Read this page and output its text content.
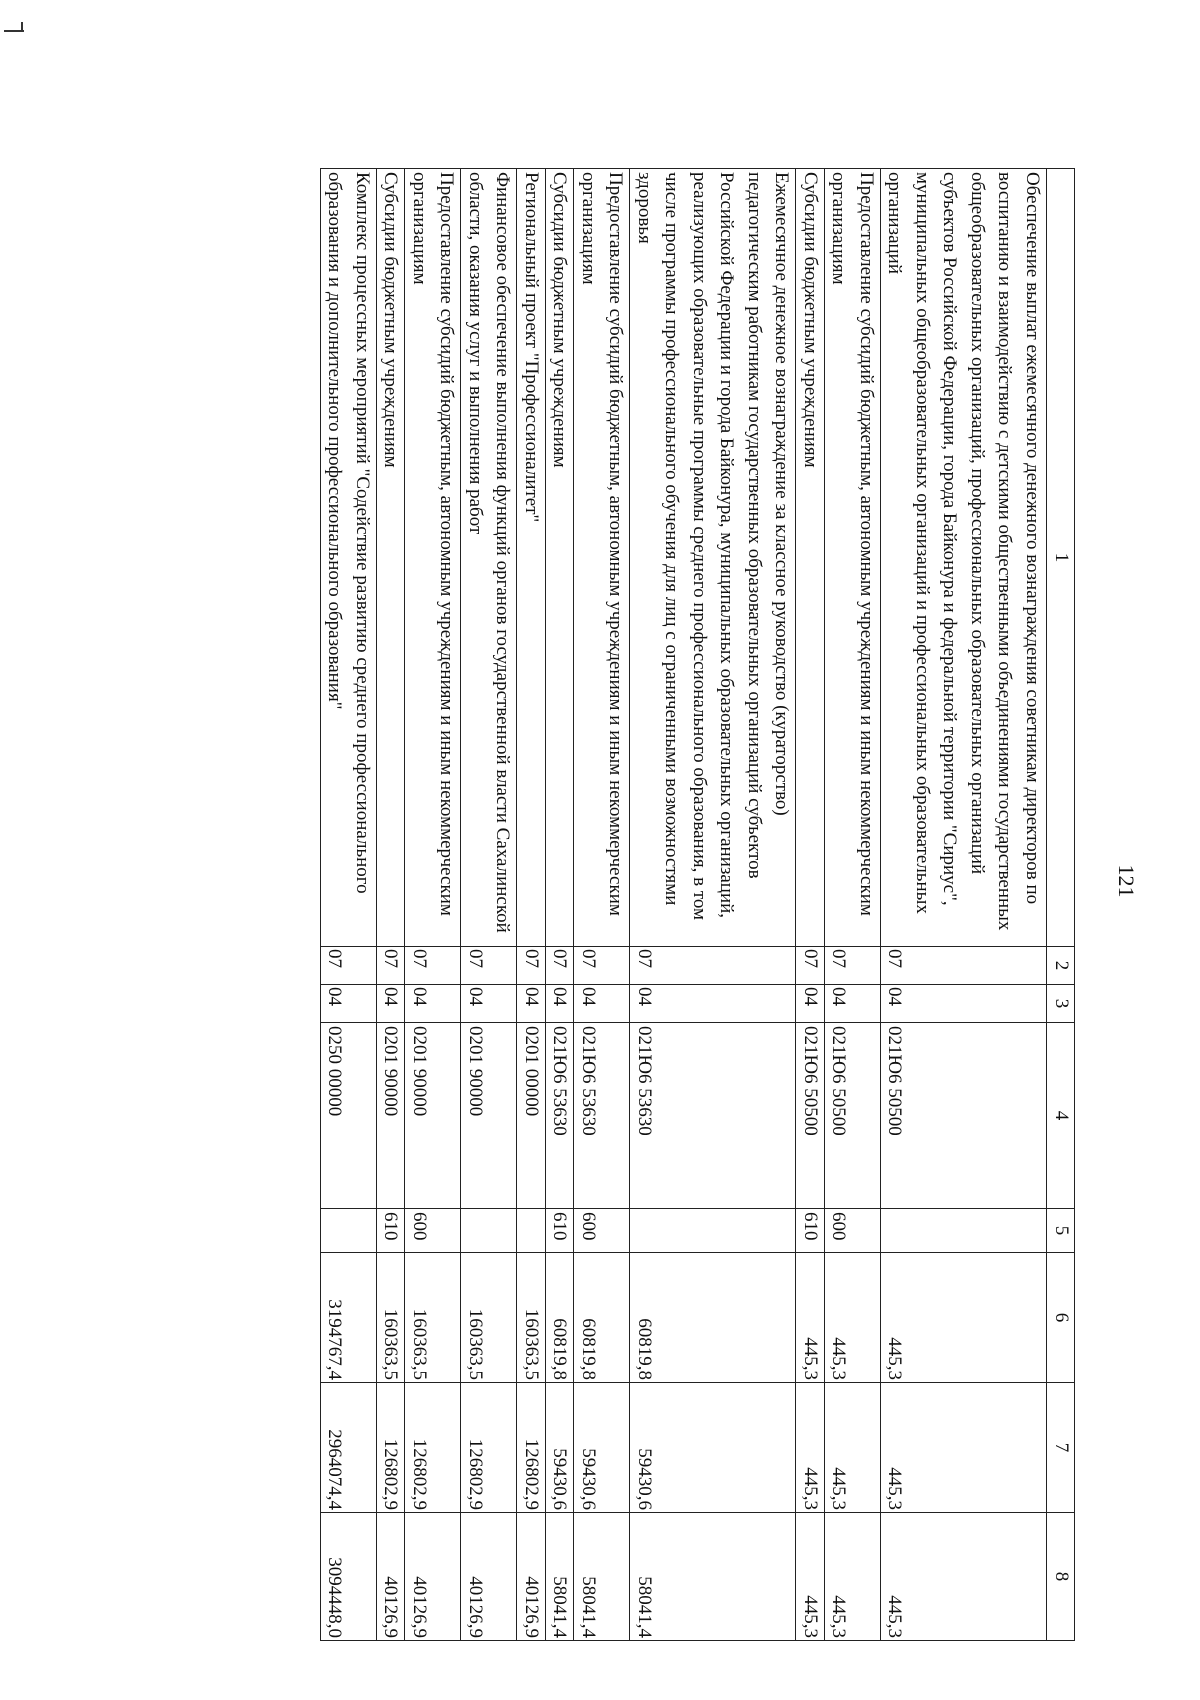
121
1	2	3	4	5	6	7	8
Обеспечение выплат ежемесячного денежного вознаграждения советникам директоров по воспитанию и взаимодействию с детскими общественными объединениями государственных общеобразовательных организаций, профессиональных образовательных организаций субъектов Российской Федерации, города Байконура и федеральной территории "Сириус", муниципальных общеобразовательных организаций и профессиональных образовательных организаций	07	04	021Ю6 50500		445,3	445,3	445,3
Предоставление субсидий бюджетным, автономным учреждениям и иным некоммерческим организациям	07	04	021Ю6 50500	600	445,3	445,3	445,3
Субсидии бюджетным учреждениям	07	04	021Ю6 50500	610	445,3	445,3	445,3
Ежемесячное денежное вознаграждение за классное руководство (кураторство) педагогическим работникам государственных образовательных организаций субъектов Российской Федерации и города Байконура, муниципальных образовательных организаций, реализующих образовательные программы среднего профессионального образования, в том числе программы профессионального обучения для лиц с ограниченными возможностями здоровья	07	04	021Ю6 53630		60819,8	59430,6	58041,4
Предоставление субсидий бюджетным, автономным учреждениям и иным некоммерческим организациям	07	04	021Ю6 53630	600	60819,8	59430,6	58041,4
Субсидии бюджетным учреждениям	07	04	021Ю6 53630	610	60819,8	59430,6	58041,4
Региональный проект "Профессионалитет"	07	04	0201 00000		160363,5	126802,9	40126,9
Финансовое обеспечение выполнения функций органов государственной власти Сахалинской области, оказания услуг и выполнения работ	07	04	0201 90000		160363,5	126802,9	40126,9
Предоставление субсидий бюджетным, автономным учреждениям и иным некоммерческим организациям	07	04	0201 90000	600	160363,5	126802,9	40126,9
Субсидии бюджетным учреждениям	07	04	0201 90000	610	160363,5	126802,9	40126,9
Комплекс процессных мероприятий "Содействие развитию среднего профессионального образования и дополнительного профессионального образования"	07	04	0250 00000		3194767,4	2964074,4	3094448,0
